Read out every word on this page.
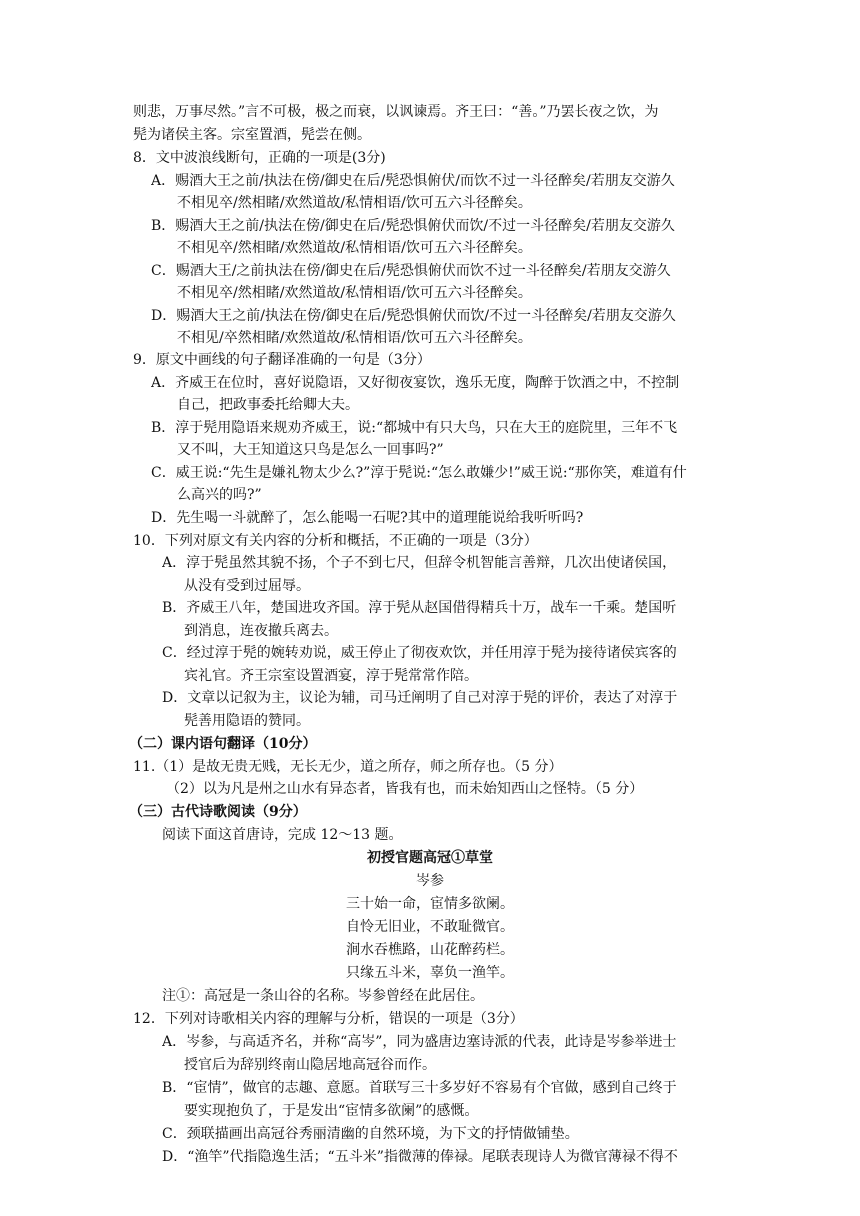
则悲，万事尽然。”言不可极，极之而衰，以讽谏焉。齐王曰：“善。”乃罢长夜之饮，为
髡为诸侯主客。宗室置酒，髡尝在侧。
8．文中波浪线断句，正确的一项是(3分)
A．赐酒大王之前/执法在傍/御史在后/髡恐惧俯伏/而饮不过一斗径醉矣/若朋友交游久
不相见卒/然相睹/欢然道故/私情相语/饮可五六斗径醉矣。
B．赐酒大王之前/执法在傍/御史在后/髡恐惧俯伏而饮/不过一斗径醉矣/若朋友交游久
不相见卒/然相睹/欢然道故/私情相语/饮可五六斗径醉矣。
C．赐酒大王/之前执法在傍/御史在后/髡恐惧俯伏而饮不过一斗径醉矣/若朋友交游久
不相见卒/然相睹/欢然道故/私情相语/饮可五六斗径醉矣。
D．赐酒大王之前/执法在傍/御史在后/髡恐惧俯伏而饮/不过一斗径醉矣/若朋友交游久
不相见/卒然相睹/欢然道故/私情相语/饮可五六斗径醉矣。
9．原文中画线的句子翻译准确的一句是（3分）
A．齐威王在位时，喜好说隐语，又好彻夜宴饮，逸乐无度，陶醉于饮酒之中，不控制
自己，把政事委托给卿大夫。
B．淳于髡用隐语来规劝齐威王，说:“都城中有只大鸟，只在大王的庭院里，三年不飞
又不叫，大王知道这只鸟是怎么一回事吗?”
C．威王说:“先生是嫌礼物太少么?”淳于髡说:“怎么敢嫌少!”威王说:“那你笑，难道有什
么高兴的吗?”
D．先生喝一斗就醉了，怎么能喝一石呢?其中的道理能说给我听听吗?
10．下列对原文有关内容的分析和概括，不正确的一项是（3分）
A．淳于髡虽然其貌不扬，个子不到七尺，但辞令机智能言善辩，几次出使诸侯国，
从没有受到过屈辱。
B．齐威王八年，楚国进攻齐国。淳于髡从赵国借得精兵十万，战车一千乘。楚国听
到消息，连夜撤兵离去。
C．经过淳于髡的婉转劝说，威王停止了彻夜欢饮，并任用淳于髡为接待诸侯宾客的
宾礼官。齐王宗室设置酒宴，淳于髡常常作陪。
D．文章以记叙为主，议论为辅，司马迁阐明了自己对淳于髡的评价，表达了对淳于
髡善用隐语的赞同。
（二）课内语句翻译（10分）
11.（1）是故无贵无贱，无长无少，道之所存，师之所存也。（5 分）
（2）以为凡是州之山水有异态者，皆我有也，而未始知西山之怪特。（5 分）
（三）古代诗歌阅读（9分）
阅读下面这首唐诗，完成 12～13 题。
初授官题高冠①草堂
岑参
三十始一命，宦情多欲阑。
自怜无旧业，不敢耻微官。
涧水吞樵路，山花醉药栏。
只缘五斗米，辜负一渔竿。
注①：高冠是一条山谷的名称。岑参曾经在此居住。
12．下列对诗歌相关内容的理解与分析，错误的一项是（3分）
A．岑参，与高适齐名，并称“高岑”，同为盛唐边塞诗派的代表，此诗是岑参举进士
授官后为辞别终南山隐居地高冠谷而作。
B．“宦情”，做官的志趣、意愿。首联写三十多岁好不容易有个官做，感到自己终于
要实现抱负了，于是发出“宦情多欲阑”的感慨。
C．颈联描画出高冠谷秀丽清幽的自然环境，为下文的抒情做铺垫。
D．“渔竿”代指隐逸生活；“五斗米”指微薄的俸禄。尾联表现诗人为微官薄禄不得不
